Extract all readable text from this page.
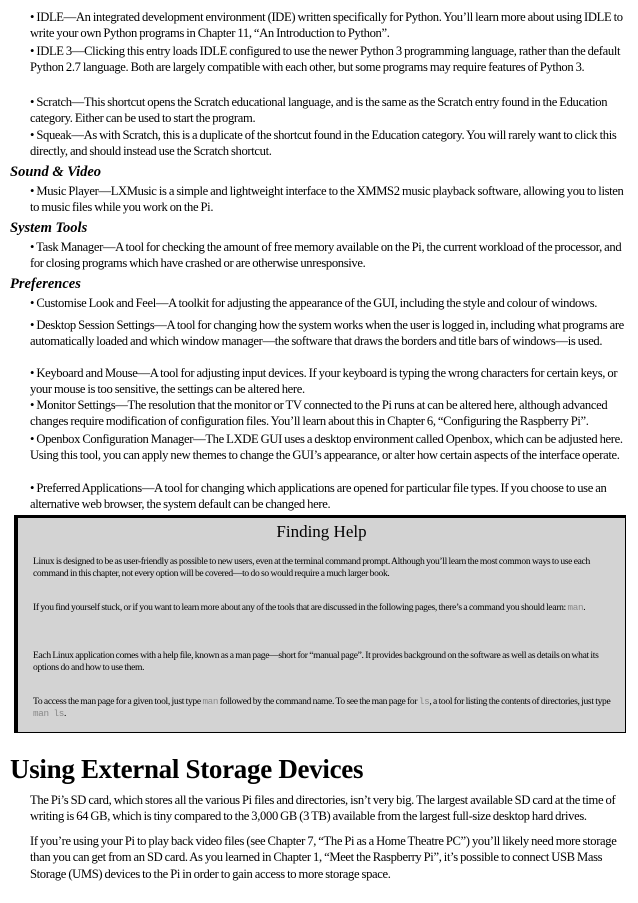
• IDLE—An integrated development environment (IDE) written specifically for Python. You’ll learn more about using IDLE to write your own Python programs in Chapter 11, “An Introduction to Python”.
• IDLE 3—Clicking this entry loads IDLE configured to use the newer Python 3 programming language, rather than the default Python 2.7 language. Both are largely compatible with each other, but some programs may require features of Python 3.
• Scratch—This shortcut opens the Scratch educational language, and is the same as the Scratch entry found in the Education category. Either can be used to start the program.
• Squeak—As with Scratch, this is a duplicate of the shortcut found in the Education category. You will rarely want to click this directly, and should instead use the Scratch shortcut.
Sound & Video
• Music Player—LXMusic is a simple and lightweight interface to the XMMS2 music playback software, allowing you to listen to music files while you work on the Pi.
System Tools
• Task Manager—A tool for checking the amount of free memory available on the Pi, the current workload of the processor, and for closing programs which have crashed or are otherwise unresponsive.
Preferences
• Customise Look and Feel—A toolkit for adjusting the appearance of the GUI, including the style and colour of windows.
• Desktop Session Settings—A tool for changing how the system works when the user is logged in, including what programs are automatically loaded and which window manager—the software that draws the borders and title bars of windows—is used.
• Keyboard and Mouse—A tool for adjusting input devices. If your keyboard is typing the wrong characters for certain keys, or your mouse is too sensitive, the settings can be altered here.
• Monitor Settings—The resolution that the monitor or TV connected to the Pi runs at can be altered here, although advanced changes require modification of configuration files. You’ll learn about this in Chapter 6, “Configuring the Raspberry Pi”.
• Openbox Configuration Manager—The LXDE GUI uses a desktop environment called Openbox, which can be adjusted here. Using this tool, you can apply new themes to change the GUI’s appearance, or alter how certain aspects of the interface operate.
• Preferred Applications—A tool for changing which applications are opened for particular file types. If you choose to use an alternative web browser, the system default can be changed here.
Finding Help
Linux is designed to be as user-friendly as possible to new users, even at the terminal command prompt. Although you’ll learn the most common ways to use each command in this chapter, not every option will be covered—to do so would require a much larger book.
If you find yourself stuck, or if you want to learn more about any of the tools that are discussed in the following pages, there’s a command you should learn: man.
Each Linux application comes with a help file, known as a man page—short for “manual page”. It provides background on the software as well as details on what its options do and how to use them.
To access the man page for a given tool, just type man followed by the command name. To see the man page for ls, a tool for listing the contents of directories, just type man ls.
Using External Storage Devices
The Pi’s SD card, which stores all the various Pi files and directories, isn’t very big. The largest available SD card at the time of writing is 64 GB, which is tiny compared to the 3,000 GB (3 TB) available from the largest full-size desktop hard drives.
If you’re using your Pi to play back video files (see Chapter 7, “The Pi as a Home Theatre PC”) you’ll likely need more storage than you can get from an SD card. As you learned in Chapter 1, “Meet the Raspberry Pi”, it’s possible to connect USB Mass Storage (UMS) devices to the Pi in order to gain access to more storage space.
